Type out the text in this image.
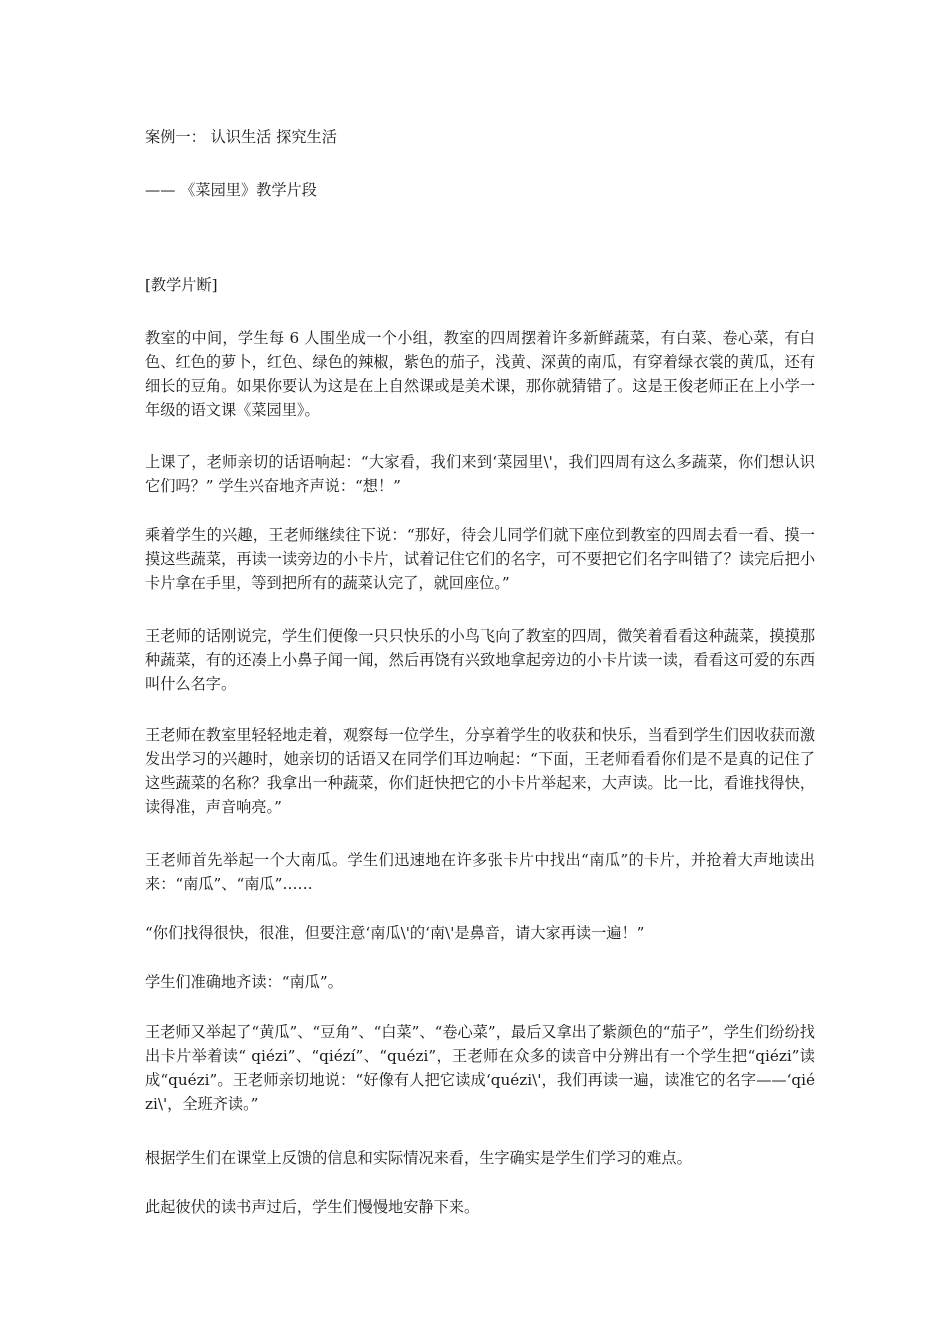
案例一： 认识生活 探究生活
—— 《菜园里》教学片段
[教学片断]
教室的中间，学生每 6 人围坐成一个小组，教室的四周摆着许多新鲜蔬菜，有白菜、卷心菜，有白色、红色的萝卜，红色、绿色的辣椒，紫色的茄子，浅黄、深黄的南瓜，有穿着绿衣裳的黄瓜，还有细长的豆角。如果你要认为这是在上自然课或是美术课，那你就猜错了。这是王俊老师正在上小学一年级的语文课《菜园里》。
上课了，老师亲切的话语响起：“大家看，我们来到‘菜园里\'，我们四周有这么多蔬菜，你们想认识它们吗？” 学生兴奋地齐声说：“想！”
乘着学生的兴趣，王老师继续往下说：“那好，待会儿同学们就下座位到教室的四周去看一看、摸一摸这些蔬菜，再读一读旁边的小卡片，试着记住它们的名字，可不要把它们名字叫错了？读完后把小卡片拿在手里，等到把所有的蔬菜认完了，就回座位。”
王老师的话刚说完，学生们便像一只只快乐的小鸟飞向了教室的四周，微笑着看看这种蔬菜，摸摸那种蔬菜，有的还凑上小鼻子闻一闻，然后再饶有兴致地拿起旁边的小卡片读一读，看看这可爱的东西叫什么名字。
王老师在教室里轻轻地走着，观察每一位学生，分享着学生的收获和快乐，当看到学生们因收获而激发出学习的兴趣时，她亲切的话语又在同学们耳边响起：“下面，王老师看看你们是不是真的记住了这些蔬菜的名称？我拿出一种蔬菜，你们赶快把它的小卡片举起来，大声读。比一比，看谁找得快，读得准，声音响亮。”
王老师首先举起一个大南瓜。学生们迅速地在许多张卡片中找出“南瓜”的卡片，并抢着大声地读出来：“南瓜”、“南瓜”……
“你们找得很快，很准，但要注意‘南瓜\'的‘南\'是鼻音，请大家再读一遍！”
学生们准确地齐读：“南瓜”。
王老师又举起了“黄瓜”、“豆角”、“白菜”、“卷心菜”，最后又拿出了紫颜色的“茄子”，学生们纷纷找出卡片举着读“ qiézi”、“qiézí”、“quézi”，王老师在众多的读音中分辨出有一个学生把“qiézi”读成“quézi”。王老师亲切地说：“好像有人把它读成‘quézi\'，我们再读一遍，读准它的名字——‘qiézi\'，全班齐读。”
根据学生们在课堂上反馈的信息和实际情况来看，生字确实是学生们学习的难点。
此起彼伏的读书声过后，学生们慢慢地安静下来。
